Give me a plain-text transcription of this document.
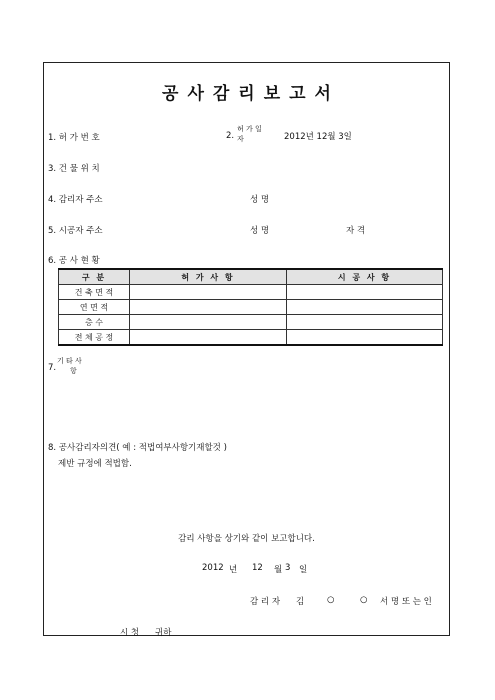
공사감리보고서
1. 허 가 번 호	2.
허 가 일
자	2012년 12월 3일
3. 건 물 위 치
4. 감리자 주소	성 명
5. 시공자 주소	성 명	자 격
6. 공 사 현 황
구 분	허 가 사 항	시 공 사 항
건 축 면 적		
연 면 적		
층 수		
전 체 공 정		
7.
기 타 사
항
8. 공사감리자의견( 예 : 적법여부사항기재할것 )
제반 규정에 적법함.
감리 사항을 상기와 같이 보고합니다.
2012 년 12 월 3 일
감 리 자 김	○	○ 서 명 또 는 인
시 청 귀하
